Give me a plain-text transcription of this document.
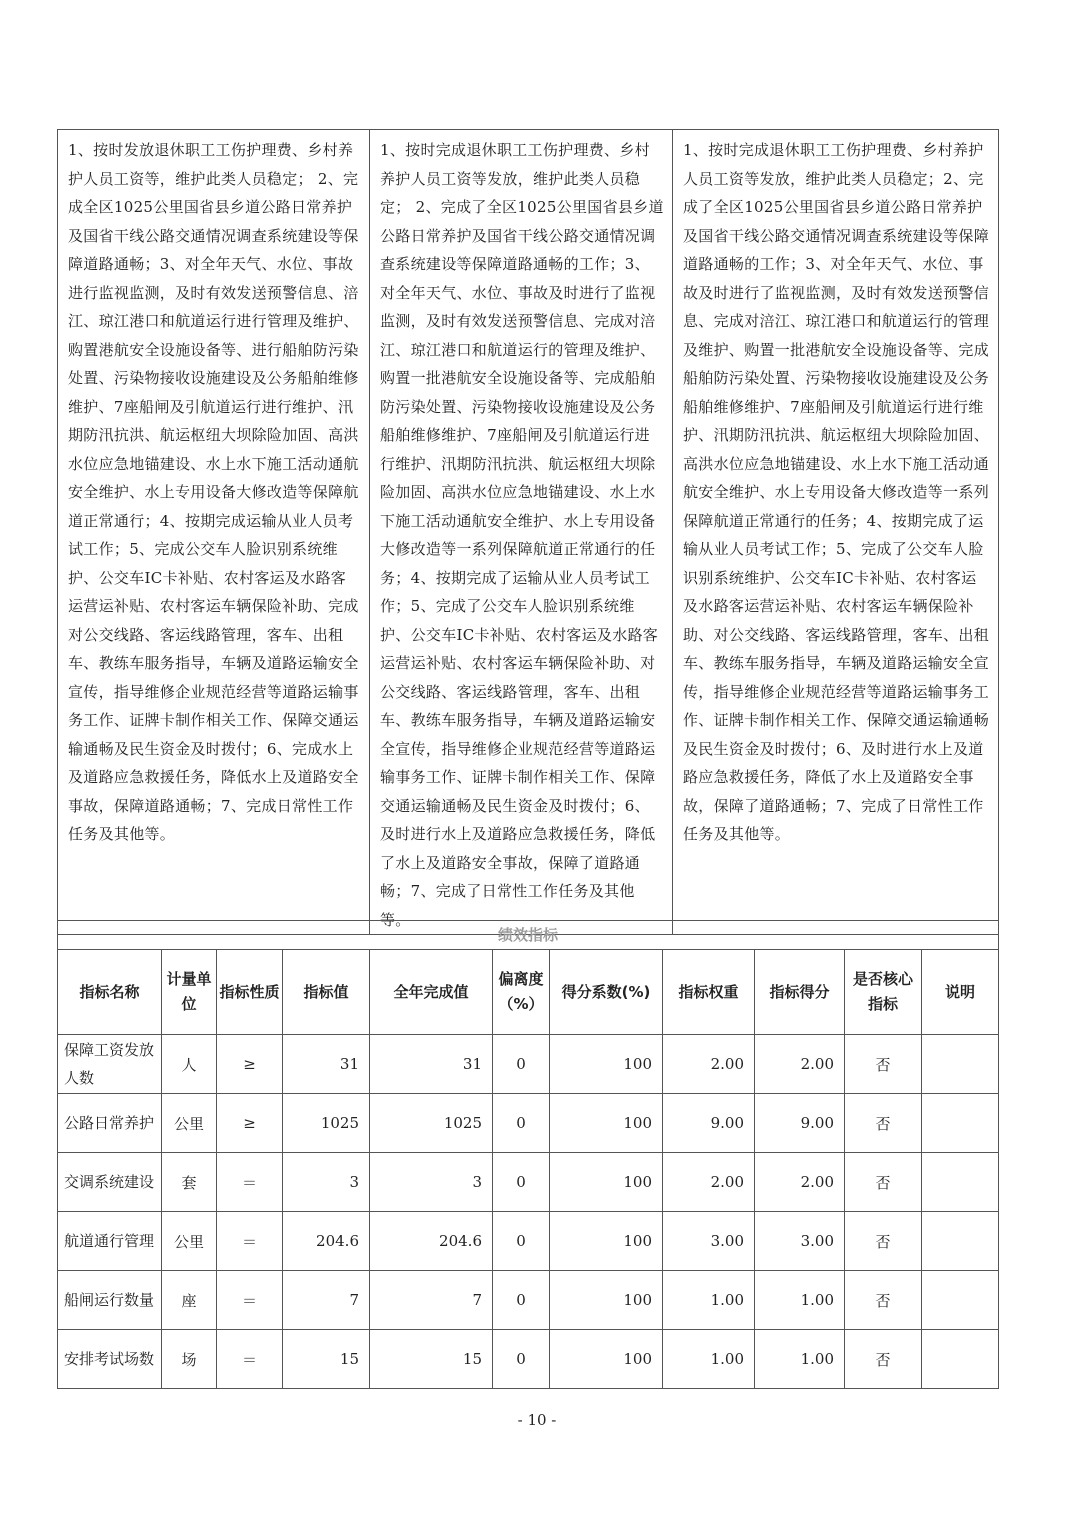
1、按时发放退休职工工伤护理费、乡村养护人员工资等，维护此类人员稳定； 2、完成全区1025公里国省县乡道公路日常养护及国省干线公路交通情况调查系统建设等保障道路通畅；3、对全年天气、水位、事故进行监视监测，及时有效发送预警信息、涪江、琼江港口和航道运行进行管理及维护、购置港航安全设施设备等、进行船舶防污染处置、污染物接收设施建设及公务船舶维修维护、7座船闸及引航道运行进行维护、汛期防汛抗洪、航运枢纽大坝除险加固、高洪水位应急地锚建设、水上水下施工活动通航安全维护、水上专用设备大修改造等保障航道正常通行；4、按期完成运输从业人员考试工作；5、完成公交车人脸识别系统维护、公交车IC卡补贴、农村客运及水路客运营运补贴、农村客运车辆保险补助、完成对公交线路、客运线路管理，客车、出租车、教练车服务指导，车辆及道路运输安全宣传，指导维修企业规范经营等道路运输事务工作、证牌卡制作相关工作、保障交通运输通畅及民生资金及时拨付；6、完成水上及道路应急救援任务，降低水上及道路安全事故，保障道路通畅；7、完成日常性工作任务及其他等。	1、按时完成退休职工工伤护理费、乡村养护人员工资等发放，维护此类人员稳定； 2、完成了全区1025公里国省县乡道公路日常养护及国省干线公路交通情况调查系统建设等保障道路通畅的工作；3、对全年天气、水位、事故及时进行了监视监测，及时有效发送预警信息、完成对涪江、琼江港口和航道运行的管理及维护、购置一批港航安全设施设备等、完成船舶防污染处置、污染物接收设施建设及公务船舶维修维护、7座船闸及引航道运行进行维护、汛期防汛抗洪、航运枢纽大坝除险加固、高洪水位应急地锚建设、水上水下施工活动通航安全维护、水上专用设备大修改造等一系列保障航道正常通行的任务；4、按期完成了运输从业人员考试工作；5、完成了公交车人脸识别系统维护、公交车IC卡补贴、农村客运及水路客运营运补贴、农村客运车辆保险补助、对公交线路、客运线路管理，客车、出租车、教练车服务指导，车辆及道路运输安全宣传，指导维修企业规范经营等道路运输事务工作、证牌卡制作相关工作、保障交通运输通畅及民生资金及时拨付；6、及时进行水上及道路应急救援任务，降低了水上及道路安全事故，保障了道路通畅；7、完成了日常性工作任务及其他等。	1、按时完成退休职工工伤护理费、乡村养护人员工资等发放，维护此类人员稳定；2、完成了全区1025公里国省县乡道公路日常养护及国省干线公路交通情况调查系统建设等保障道路通畅的工作；3、对全年天气、水位、事故及时进行了监视监测，及时有效发送预警信息、完成对涪江、琼江港口和航道运行的管理及维护、购置一批港航安全设施设备等、完成船舶防污染处置、污染物接收设施建设及公务船舶维修维护、7座船闸及引航道运行进行维护、汛期防汛抗洪、航运枢纽大坝除险加固、高洪水位应急地锚建设、水上水下施工活动通航安全维护、水上专用设备大修改造等一系列保障航道正常通行的任务；4、按期完成了运输从业人员考试工作；5、完成了公交车人脸识别系统维护、公交车IC卡补贴、农村客运及水路客运营运补贴、农村客运车辆保险补助、对公交线路、客运线路管理，客车、出租车、教练车服务指导，车辆及道路运输安全宣传，指导维修企业规范经营等道路运输事务工作、证牌卡制作相关工作、保障交通运输通畅及民生资金及时拨付；6、及时进行水上及道路应急救援任务，降低了水上及道路安全事故，保障了道路通畅；7、完成了日常性工作任务及其他等。
绩效指标										
指标名称	计量单位	指标性质	指标值	全年完成值	偏离度（%）	得分系数(%)	指标权重	指标得分	是否核心指标	说明
保障工资发放人数	人	≥	31	31	0	100	2.00	2.00	否	
公路日常养护	公里	≥	1025	1025	0	100	9.00	9.00	否	
交调系统建设	套	＝	3	3	0	100	2.00	2.00	否	
航道通行管理	公里	＝	204.6	204.6	0	100	3.00	3.00	否	
船闸运行数量	座	＝	7	7	0	100	1.00	1.00	否	
安排考试场数	场	＝	15	15	0	100	1.00	1.00	否	
- 10 -
